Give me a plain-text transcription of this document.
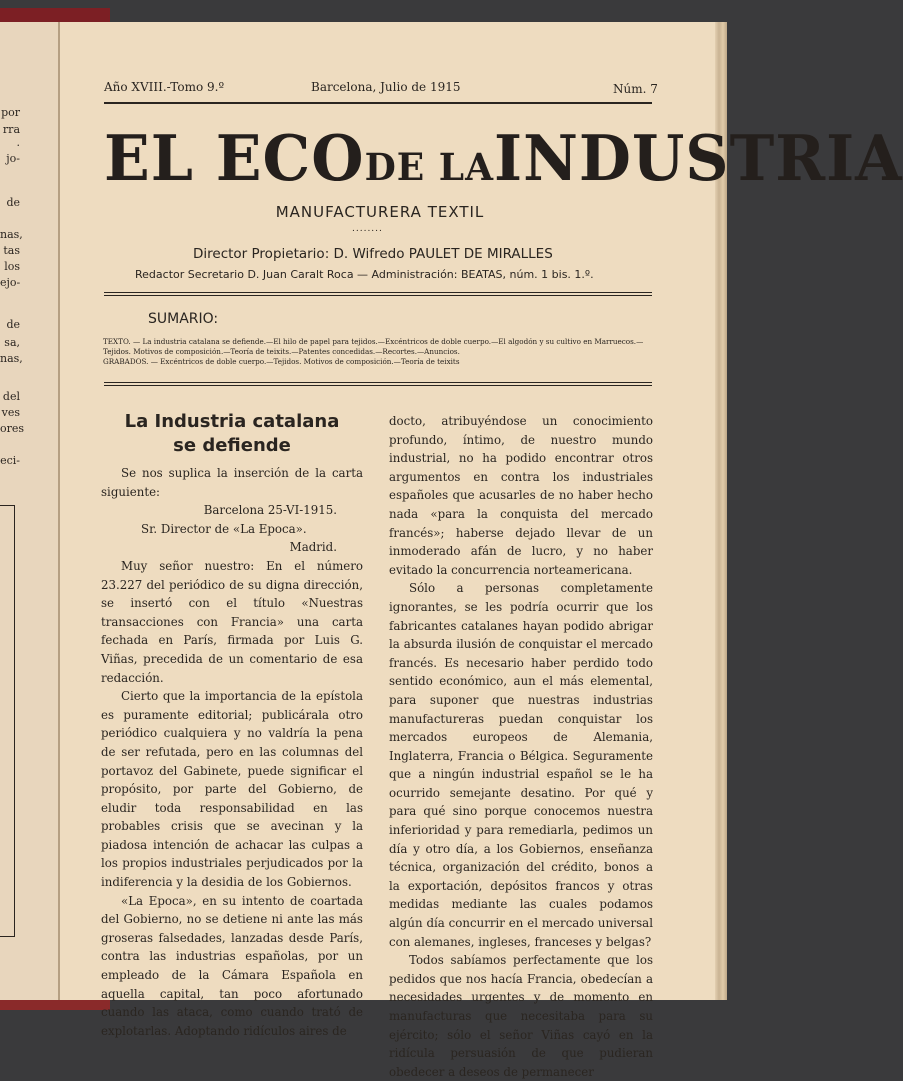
por
rra
.
jo-
de
nas,
tas
los
ejo-
de
sa,
nas,
del
ves
ores
eci-
Año XVIII.-Tomo 9.º	Barcelona, Julio de 1915	Núm. 7
EL ECODE LAINDUSTRIA
MANUFACTURERA TEXTIL
........
Director Propietario: D. Wifredo PAULET DE MIRALLES
Redactor Secretario D. Juan Caralt Roca — Administración: BEATAS, núm. 1 bis. 1.º.
SUMARIO:
TEXTO. — La industria catalana se defiende.—El hilo de papel para tejidos.—Excéntricos de doble cuerpo.—El algodón y su cultivo en Marruecos.—Tejidos. Motivos de composición.—Teoría de teixits.—Patentes concedidas.—Recortes.—Anuncios.
GRABADOS. — Excéntricos de doble cuerpo.—Tejidos. Motivos de composición.—Teoría de teixits
La Industria catalana
se defiende

Se nos suplica la inserción de la carta siguiente:

Barcelona 25-VI-1915.

Sr. Director de «La Epoca».

Madrid.

Muy señor nuestro: En el número 23.227 del periódico de su digna dirección, se insertó con el título «Nuestras transacciones con Francia» una carta fechada en París, firmada por Luis G. Viñas, precedida de un comentario de esa redacción.

Cierto que la importancia de la epístola es puramente editorial; publicárala otro periódico cualquiera y no valdría la pena de ser refutada, pero en las columnas del portavoz del Gabinete, puede significar el propósito, por parte del Gobierno, de eludir toda responsabilidad en las probables crisis que se avecinan y la piadosa intención de achacar las culpas a los propios industriales perjudicados por la indiferencia y la desidia de los Gobiernos.

«La Epoca», en su intento de coartada del Gobierno, no se detiene ni ante las más groseras falsedades, lanzadas desde París, contra las industrias españolas, por un empleado de la Cámara Española en aquella capital, tan poco afortunado cuando las ataca, como cuando trató de explotarlas. Adoptando ridículos aires de

docto, atribuyéndose un conocimiento profundo, íntimo, de nuestro mundo industrial, no ha podido encontrar otros argumentos en contra los industriales españoles que acusarles de no haber hecho nada «para la conquista del mercado francés»; haberse dejado llevar de un inmoderado afán de lucro, y no haber evitado la concurrencia norteamericana.

Sólo a personas completamente ignorantes, se les podría ocurrir que los fabricantes catalanes hayan podido abrigar la absurda ilusión de conquistar el mercado francés. Es necesario haber perdido todo sentido económico, aun el más elemental, para suponer que nuestras industrias manufactureras puedan conquistar los mercados europeos de Alemania, Inglaterra, Francia o Bélgica. Seguramente que a ningún industrial español se le ha ocurrido semejante desatino. Por qué y para qué sino porque conocemos nuestra inferioridad y para remediarla, pedimos un día y otro día, a los Gobiernos, enseñanza técnica, organización del crédito, bonos a la exportación, depósitos francos y otras medidas mediante las cuales podamos algún día concurrir en el mercado universal con alemanes, ingleses, franceses y belgas?

Todos sabíamos perfectamente que los pedidos que nos hacía Francia, obedecían a necesidades urgentes y de momento en manufacturas que necesitaba para su ejército; sólo el señor Viñas cayó en la ridícula persuasión de que pudieran obedecer a deseos de permanecer
